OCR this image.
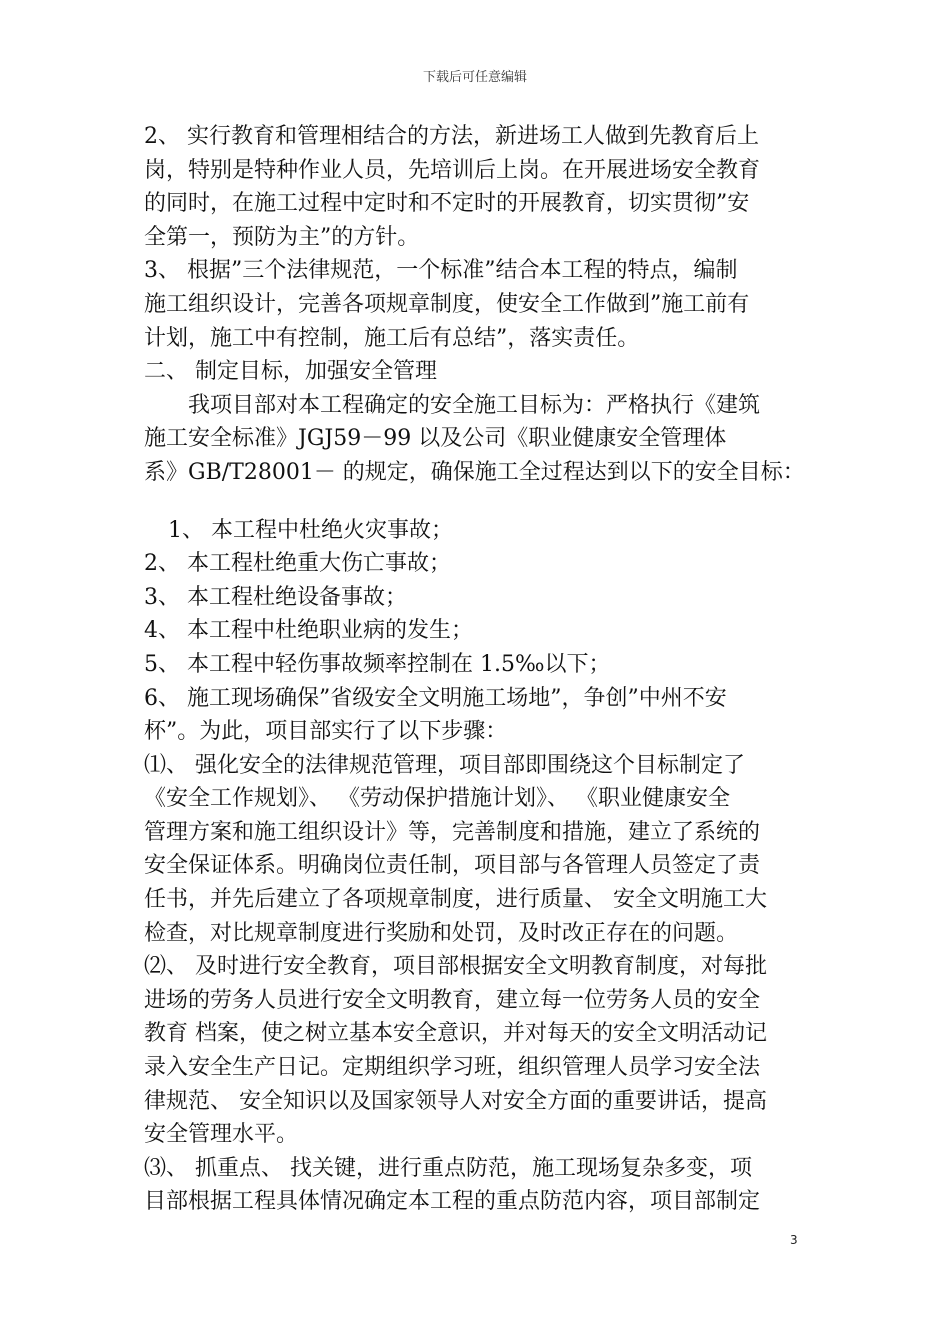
下载后可任意编辑
2、 实行教育和管理相结合的方法，新进场工人做到先教育后上
岗，特别是特种作业人员，先培训后上岗。在开展进场安全教育
的同时，在施工过程中定时和不定时的开展教育，切实贯彻”安
全第一，预防为主”的方针。
3、 根据”三个法律规范，一个标准”结合本工程的特点，编制
施工组织设计，完善各项规章制度，使安全工作做到”施工前有
计划，施工中有控制，施工后有总结”，落实责任。
二、 制定目标，加强安全管理
我项目部对本工程确定的安全施工目标为：严格执行《建筑
施工安全标准》JGJ59－99 以及公司《职业健康安全管理体
系》GB/T28001－ 的规定，确保施工全过程达到以下的安全目标：
1、 本工程中杜绝火灾事故；
2、 本工程杜绝重大伤亡事故；
3、 本工程杜绝设备事故；
4、 本工程中杜绝职业病的发生；
5、 本工程中轻伤事故频率控制在 1.5‰以下；
6、 施工现场确保”省级安全文明施工场地”，争创”中州不安
杯”。为此，项目部实行了以下步骤：
⑴、 强化安全的法律规范管理，项目部即围绕这个目标制定了
《安全工作规划》、 《劳动保护措施计划》、 《职业健康安全
管理方案和施工组织设计》等，完善制度和措施，建立了系统的
安全保证体系。明确岗位责任制，项目部与各管理人员签定了责
任书，并先后建立了各项规章制度，进行质量、 安全文明施工大
检查，对比规章制度进行奖励和处罚，及时改正存在的问题。
⑵、 及时进行安全教育，项目部根据安全文明教育制度，对每批
进场的劳务人员进行安全文明教育，建立每一位劳务人员的安全
教育 档案，使之树立基本安全意识，并对每天的安全文明活动记
录入安全生产日记。定期组织学习班，组织管理人员学习安全法
律规范、 安全知识以及国家领导人对安全方面的重要讲话，提高
安全管理水平。
⑶、 抓重点、 找关键，进行重点防范，施工现场复杂多变，项
目部根据工程具体情况确定本工程的重点防范内容，项目部制定
3
